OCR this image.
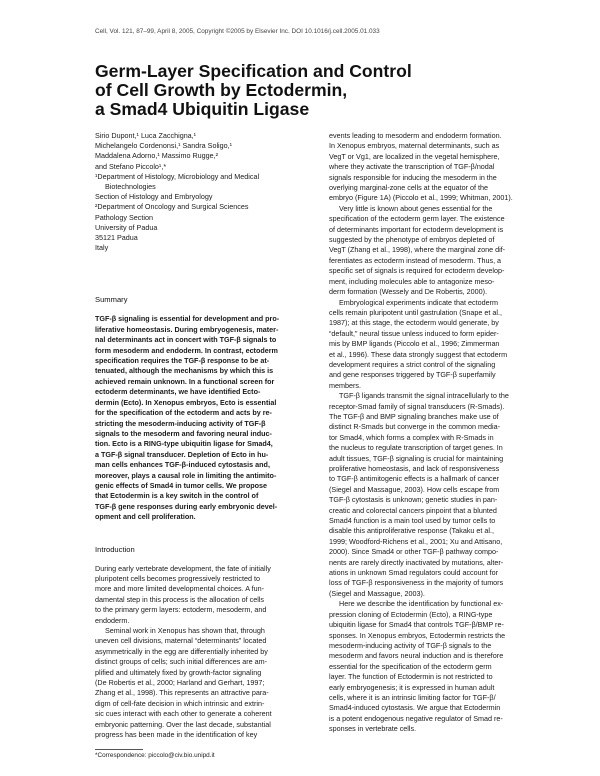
Cell, Vol. 121, 87–99, April 8, 2005, Copyright ©2005 by Elsevier Inc. DOI 10.1016/j.cell.2005.01.033
Germ-Layer Specification and Control
of Cell Growth by Ectodermin,
a Smad4 Ubiquitin Ligase

Sirio Dupont,¹ Luca Zacchigna,¹
Michelangelo Cordenonsi,¹ Sandra Soligo,¹
Maddalena Adorno,¹ Massimo Rugge,²
and Stefano Piccolo¹,*

¹Department of Histology, Microbiology and Medical
Biotechnologies
Section of Histology and Embryology
²Department of Oncology and Surgical Sciences
Pathology Section
University of Padua
35121 Padua
Italy
Summary

TGF-β signaling is essential for development and pro-
liferative homeostasis. During embryogenesis, mater-
nal determinants act in concert with TGF-β signals to
form mesoderm and endoderm. In contrast, ectoderm
specification requires the TGF-β response to be at-
tenuated, although the mechanisms by which this is
achieved remain unknown. In a functional screen for
ectoderm determinants, we have identified Ecto-
dermin (Ecto). In Xenopus embryos, Ecto is essential
for the specification of the ectoderm and acts by re-
stricting the mesoderm-inducing activity of TGF-β
signals to the mesoderm and favoring neural induc-
tion. Ecto is a RING-type ubiquitin ligase for Smad4,
a TGF-β signal transducer. Depletion of Ecto in hu-
man cells enhances TGF-β-induced cytostasis and,
moreover, plays a causal role in limiting the antimito-
genic effects of Smad4 in tumor cells. We propose
that Ectodermin is a key switch in the control of
TGF-β gene responses during early embryonic devel-
opment and cell proliferation.

Introduction

During early vertebrate development, the fate of initially
pluripotent cells becomes progressively restricted to
more and more limited developmental choices. A fun-
damental step in this process is the allocation of cells
to the primary germ layers: ectoderm, mesoderm, and
endoderm.

Seminal work in Xenopus has shown that, through
uneven cell divisions, maternal “determinants” located
asymmetrically in the egg are differentially inherited by
distinct groups of cells; such initial differences are am-
plified and ultimately fixed by growth-factor signaling
(De Robertis et al., 2000; Harland and Gerhart, 1997;
Zhang et al., 1998). This represents an attractive para-
digm of cell-fate decision in which intrinsic and extrin-
sic cues interact with each other to generate a coherent
embryonic patterning. Over the last decade, substantial
progress has been made in the identification of key

events leading to mesoderm and endoderm formation.
In Xenopus embryos, maternal determinants, such as
VegT or Vg1, are localized in the vegetal hemisphere,
where they activate the transcription of TGF-β/nodal
signals responsible for inducing the mesoderm in the
overlying marginal-zone cells at the equator of the
embryo (Figure 1A) (Piccolo et al., 1999; Whitman, 2001).

Very little is known about genes essential for the
specification of the ectoderm germ layer. The existence
of determinants important for ectoderm development is
suggested by the phenotype of embryos depleted of
VegT (Zhang et al., 1998), where the marginal zone dif-
ferentiates as ectoderm instead of mesoderm. Thus, a
specific set of signals is required for ectoderm develop-
ment, including molecules able to antagonize meso-
derm formation (Wessely and De Robertis, 2000).

Embryological experiments indicate that ectoderm
cells remain pluripotent until gastrulation (Snape et al.,
1987); at this stage, the ectoderm would generate, by
“default,” neural tissue unless induced to form epider-
mis by BMP ligands (Piccolo et al., 1996; Zimmerman
et al., 1996). These data strongly suggest that ectoderm
development requires a strict control of the signaling
and gene responses triggered by TGF-β superfamily
members.

TGF-β ligands transmit the signal intracellularly to the
receptor-Smad family of signal transducers (R-Smads).
The TGF-β and BMP signaling branches make use of
distinct R-Smads but converge in the common media-
tor Smad4, which forms a complex with R-Smads in
the nucleus to regulate transcription of target genes. In
adult tissues, TGF-β signaling is crucial for maintaining
proliferative homeostasis, and lack of responsiveness
to TGF-β antimitogenic effects is a hallmark of cancer
(Siegel and Massague, 2003). How cells escape from
TGF-β cytostasis is unknown; genetic studies in pan-
creatic and colorectal cancers pinpoint that a blunted
Smad4 function is a main tool used by tumor cells to
disable this antiproliferative response (Takaku et al.,
1999; Woodford-Richens et al., 2001; Xu and Attisano,
2000). Since Smad4 or other TGF-β pathway compo-
nents are rarely directly inactivated by mutations, alter-
ations in unknown Smad regulators could account for
loss of TGF-β responsiveness in the majority of tumors
(Siegel and Massague, 2003).

Here we describe the identification by functional ex-
pression cloning of Ectodermin (Ecto), a RING-type
ubiquitin ligase for Smad4 that controls TGF-β/BMP re-
sponses. In Xenopus embryos, Ectodermin restricts the
mesoderm-inducing activity of TGF-β signals to the
mesoderm and favors neural induction and is therefore
essential for the specification of the ectoderm germ
layer. The function of Ectodermin is not restricted to
early embryogenesis; it is expressed in human adult
cells, where it is an intrinsic limiting factor for TGF-β/
Smad4-induced cytostasis. We argue that Ectodermin
is a potent endogenous negative regulator of Smad re-
sponses in vertebrate cells.

*Correspondence: piccolo@civ.bio.unipd.it
